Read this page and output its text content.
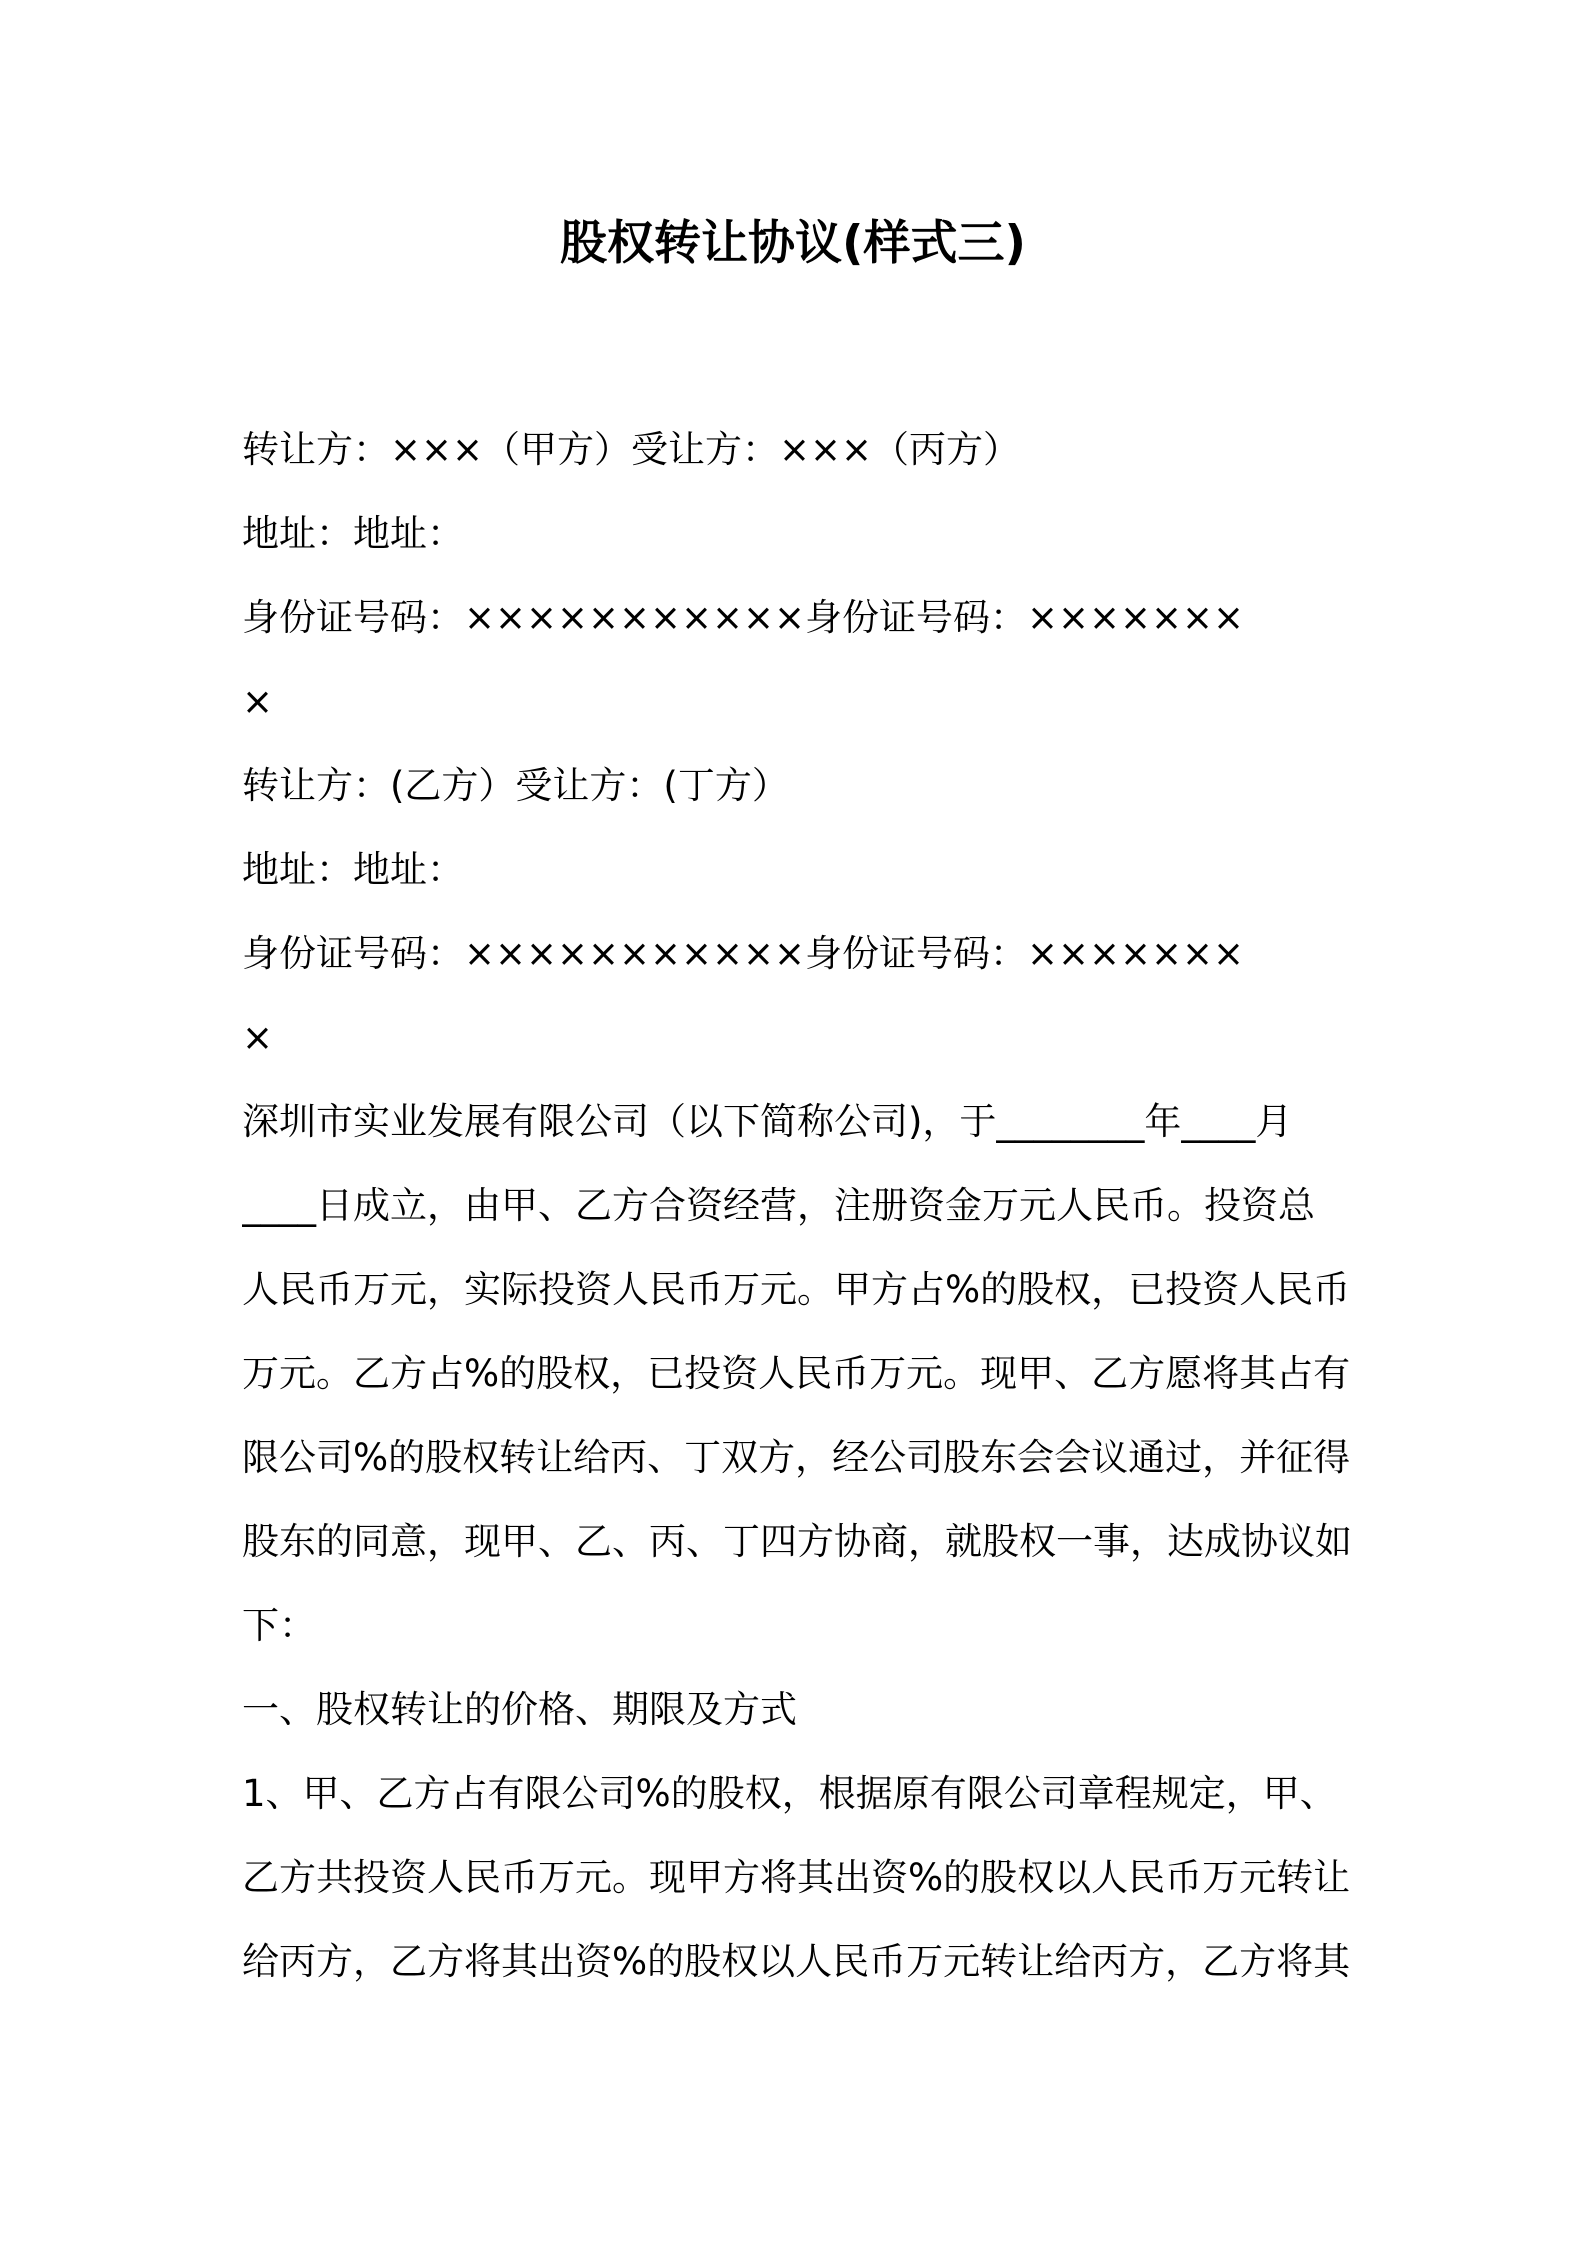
股权转让协议(样式三)
转让方：×××（甲方）受让方：×××（丙方）
地址：地址：
身份证号码：×××××××××××身份证号码：×××××××
×
转让方：(乙方）受让方：(丁方）
地址：地址：
身份证号码：×××××××××××身份证号码：×××××××
×
深圳市实业发展有限公司（以下简称公司)，于________年____月
____日成立，由甲、乙方合资经营，注册资金万元人民币。投资总
人民币万元，实际投资人民币万元。甲方占%的股权，已投资人民币
万元。乙方占%的股权，已投资人民币万元。现甲、乙方愿将其占有
限公司%的股权转让给丙、丁双方，经公司股东会会议通过，并征得
股东的同意，现甲、乙、丙、丁四方协商，就股权一事，达成协议如
下：
一、股权转让的价格、期限及方式
1、甲、乙方占有限公司%的股权，根据原有限公司章程规定，甲、
乙方共投资人民币万元。现甲方将其出资%的股权以人民币万元转让
给丙方，乙方将其出资%的股权以人民币万元转让给丙方，乙方将其
